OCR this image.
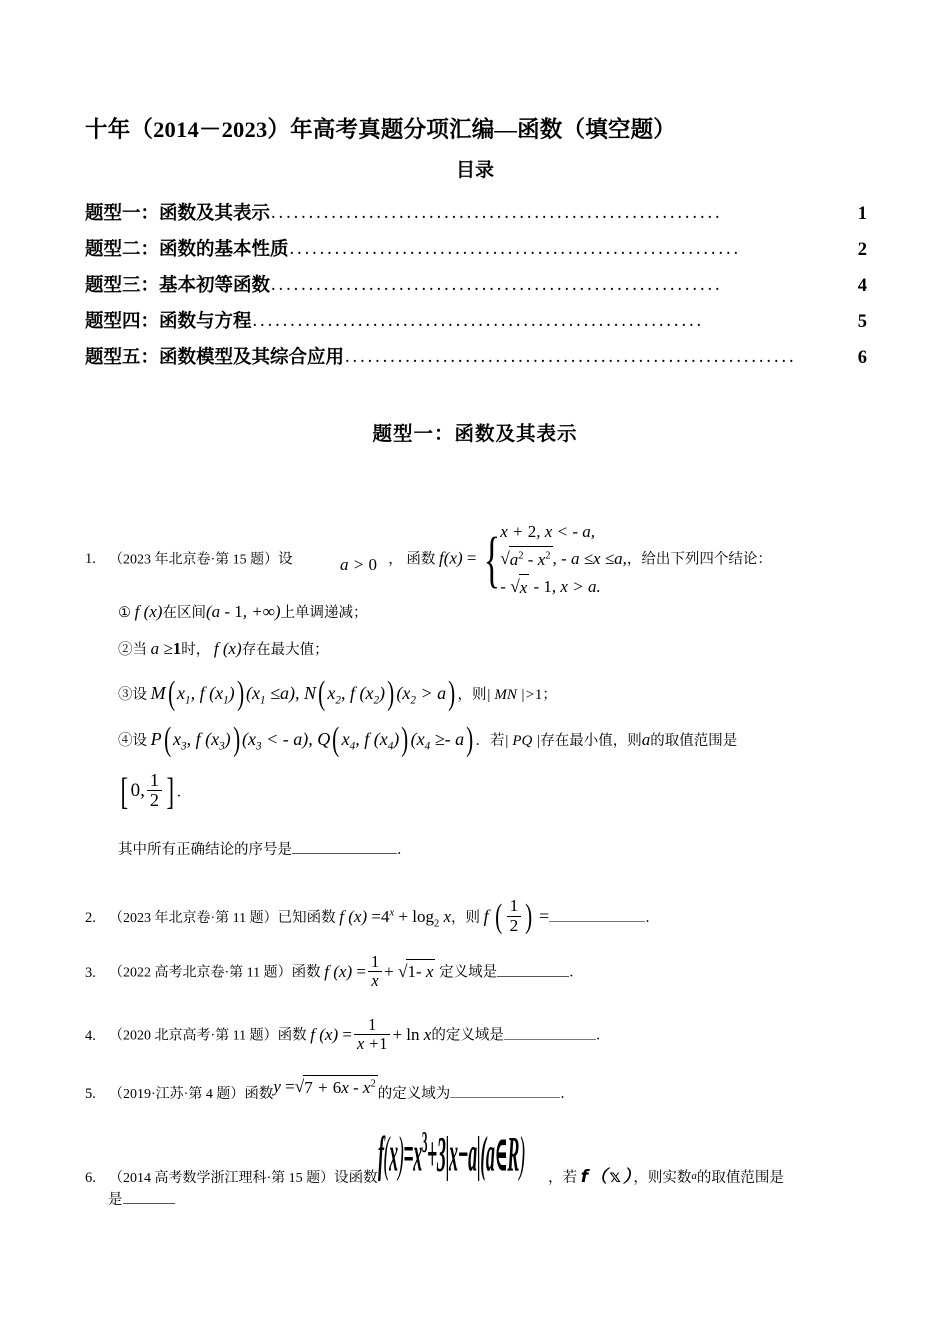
十年（2014－2023）年高考真题分项汇编—函数（填空题）
目录
题型一：函数及其表示 ............................................................	1
题型二：函数的基本性质 ............................................................	2
题型三：基本初等函数 ............................................................	4
题型四：函数与方程 ............................................................	5
题型五：函数模型及其综合应用 ............................................................	6
题型一：函数及其表示
1. （2023 年北京卷·第 15 题）设	， 函数 f(x) = { x + 2, x < - a,
$√a^2 - x^2$ , - a ≤x ≤a,
- √x - 1, x > a.
，给出下列四个结论：
a > 0
① f (x)在区间(a - 1, +∞)上单调递减；
②当 a ≥1时， f (x)存在最大值；
③设 M( $x_1$, f $(x_1)$) $(x_1 \le a)$, N( $x_2$, f $(x_2)$) $(x_2 > a)$ ，则| MN |>1；
④设 P( $x_3$, f $(x_3)$) ($x_3$ < - a), Q( $x_4$, f $(x_4)$) $(x_4 \ge- a)$ ．若| PQ |存在最小值，则a的取值范围是
[ 0, $\frac{1}{2}$ ] ．
其中所有正确结论的序号是	．
2. （2023 年北京卷·第 11 题）已知函数 f $(x) =4^x + \log_2 x$，则 f ( $\frac{1}{2}$ ) =	．
3. （2022 高考北京卷·第 11 题）函数 f $(x) = \frac{1}{x} + √1-$ x 定义域是	．
4. （2020 北京高考·第 11 题）函数 f $(x) = \frac{1}{x +1} + \ln x$的定义域是	．
5. （2019·江苏·第 4 题）函数$y =√7 + 6x - x^2$的定义域为	．
6. （2014 高考数学浙江理科·第 15 题）设函数$f(x)=x^3+3|x-a|(a\in R)$ ，若 f（𝕩），则实数$^a$的取值范围是
是
